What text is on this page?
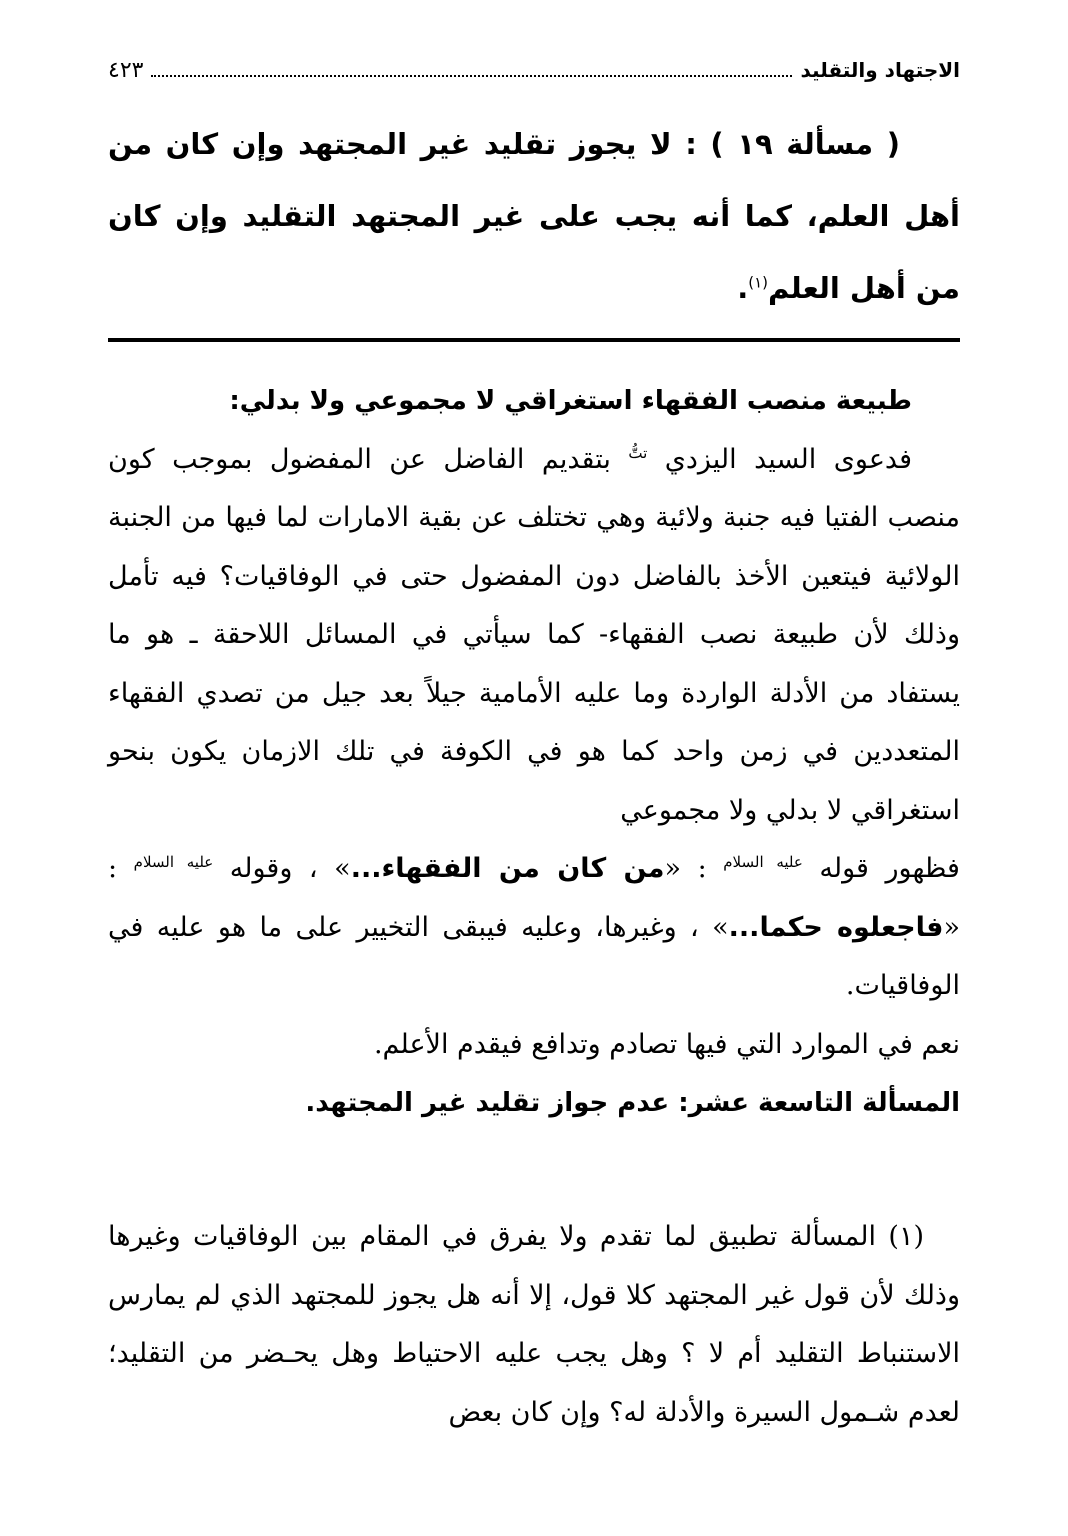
الاجتهاد والتقليد
٤٢٣

( مسألة ١٩ ) : لا يجوز تقليد غير المجتهد وإن كان من أهل العلم، كما أنه يجب على غير المجتهد التقليد وإن كان من أهل العلم$^{(١)}$.

طبيعة منصب الفقهاء استغراقي لا مجموعي ولا بدلي:

فدعوى السيد اليزدي $^{تتُّ}$ بتقديم الفاضل عن المفضول بموجب كون منصب الفتيا فيه جنبة ولائية وهي تختلف عن بقية الامارات لما فيها من الجنبة الولائية فيتعين الأخذ بالفاضل دون المفضول حتى في الوفاقيات؟ فيه تأمل وذلك لأن طبيعة نصب الفقهاء- كما سيأتي في المسائل اللاحقة ـ هو ما يستفاد من الأدلة الواردة وما عليه الأمامية جيلاً بعد جيل من تصدي الفقهاء المتعددين في زمن واحد كما هو في الكوفة في تلك الازمان يكون بنحو استغراقي لا بدلي ولا مجموعي

فظهور قوله $^{عليه السلام}$ : «من كان من الفقهاء...» ، وقوله $^{عليه السلام}$ : «فاجعلوه حكما...» ، وغيرها، وعليه فيبقى التخيير على ما هو عليه في الوفاقيات.

نعم في الموارد التي فيها تصادم وتدافع فيقدم الأعلم.

المسألة التاسعة عشر: عدم جواز تقليد غير المجتهد.

(١) المسألة تطبيق لما تقدم ولا يفرق في المقام بين الوفاقيات وغيرها وذلك لأن قول غير المجتهد كلا قول، إلا أنه هل يجوز للمجتهد الذي لم يمارس الاستنباط التقليد أم لا ؟ وهل يجب عليه الاحتياط وهل يحـضر من التقليد؛ لعدم شـمول السيرة والأدلة له؟ وإن كان بعض
